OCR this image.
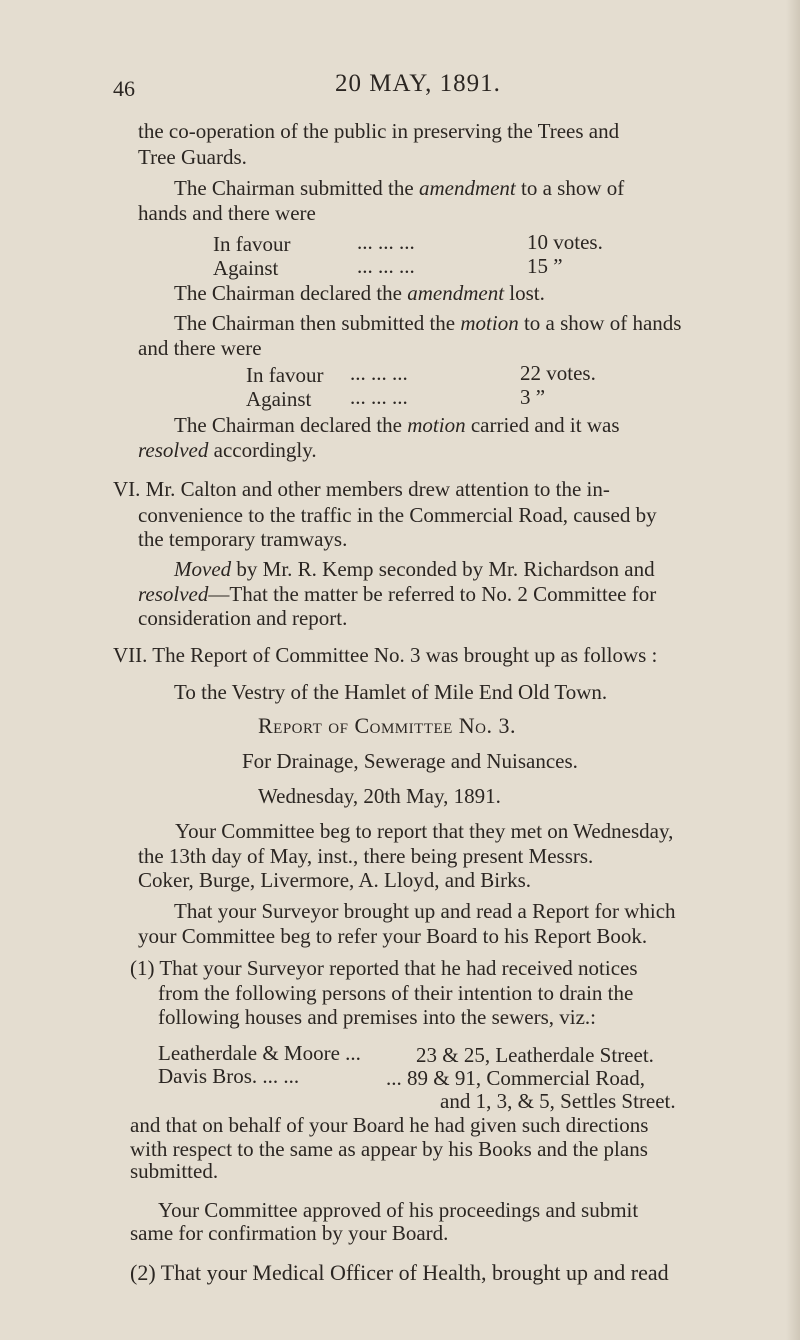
46	20 MAY, 1891.
the co-operation of the public in preserving the Trees and
Tree Guards.
The Chairman submitted the amendment to a show of
hands and there were
In favour	... ... ...	10 votes.
Against	... ... ...	15 ”
The Chairman declared the amendment lost.
The Chairman then submitted the motion to a show of hands
and there were
In favour ... ... ...	22 votes.
Against ... ... ...	3 ”
The Chairman declared the motion carried and it was
resolved accordingly.
VI. Mr. Calton and other members drew attention to the in-
convenience to the traffic in the Commercial Road, caused by
the temporary tramways.
Moved by Mr. R. Kemp seconded by Mr. Richardson and
resolved—That the matter be referred to No. 2 Committee for
consideration and report.
VII. The Report of Committee No. 3 was brought up as follows :
To the Vestry of the Hamlet of Mile End Old Town.
Report of Committee No. 3.
For Drainage, Sewerage and Nuisances.
Wednesday, 20th May, 1891.
Your Committee beg to report that they met on Wednesday,
the 13th day of May, inst., there being present Messrs.
Coker, Burge, Livermore, A. Lloyd, and Birks.
That your Surveyor brought up and read a Report for which
your Committee beg to refer your Board to his Report Book.
(1) That your Surveyor reported that he had received notices
from the following persons of their intention to drain the
following houses and premises into the sewers, viz.:
Leatherdale & Moore ...	23 & 25, Leatherdale Street.
Davis Bros. ... ...	... 89 & 91, Commercial Road,
and 1, 3, & 5, Settles Street.
and that on behalf of your Board he had given such directions
with respect to the same as appear by his Books and the plans
submitted.
Your Committee approved of his proceedings and submit
same for confirmation by your Board.
(2) That your Medical Officer of Health, brought up and read
